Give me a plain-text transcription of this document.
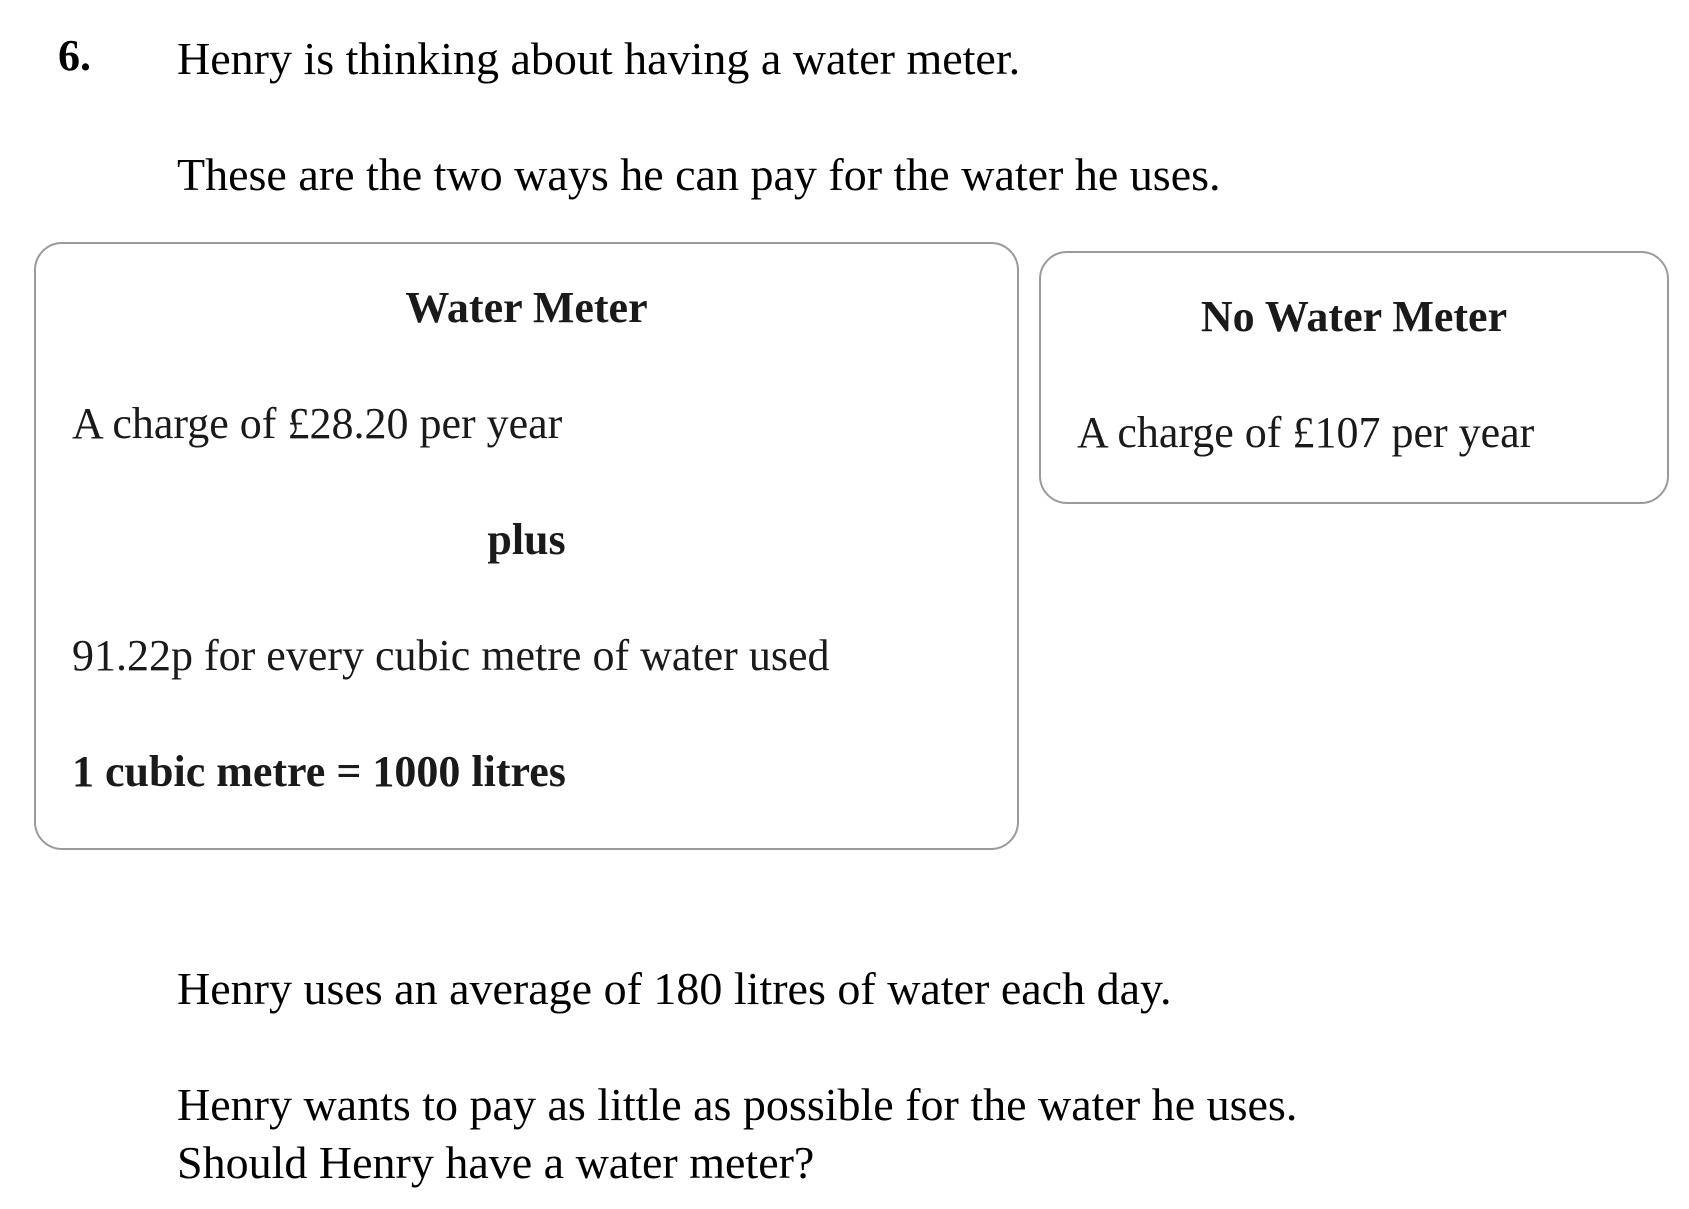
6. Henry is thinking about having a water meter.
These are the two ways he can pay for the water he uses.
Water Meter
A charge of £28.20 per year
plus
91.22p for every cubic metre of water used
1 cubic metre = 1000 litres
No Water Meter
A charge of £107 per year
Henry uses an average of 180 litres of water each day.
Henry wants to pay as little as possible for the water he uses.
Should Henry have a water meter?
